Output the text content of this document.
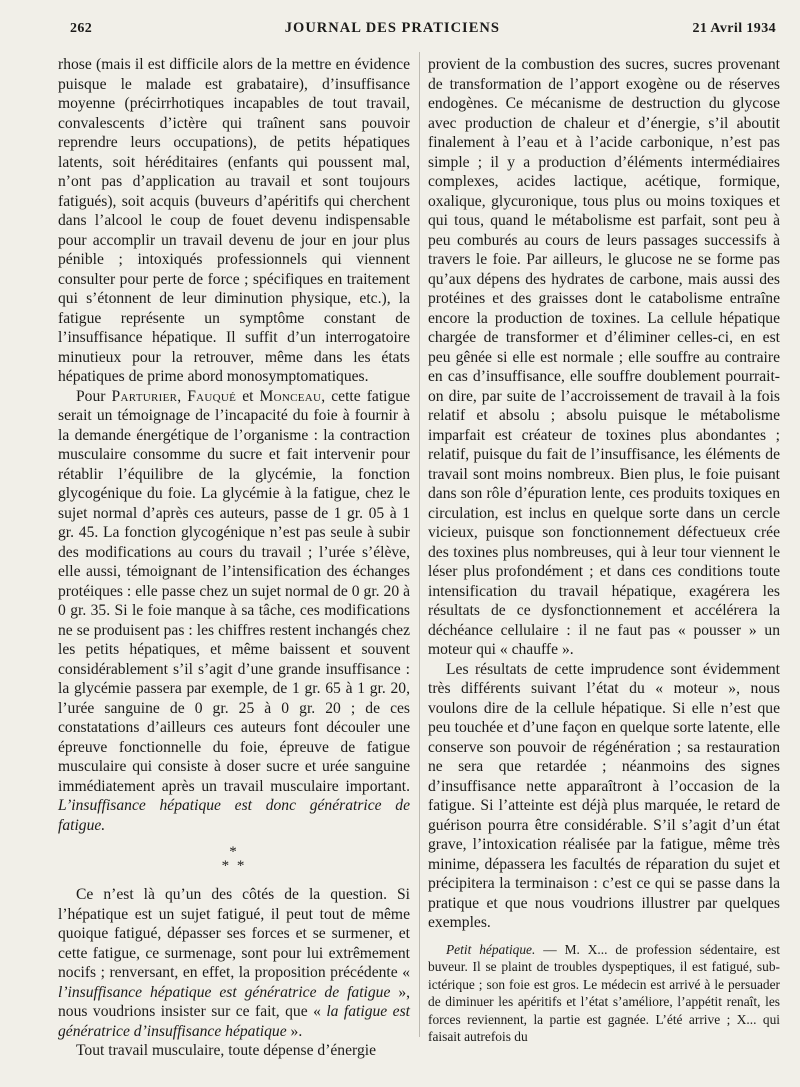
262	JOURNAL DES PRATICIENS	21 Avril 1934

rhose (mais il est difficile alors de la mettre en évidence puisque le malade est grabataire), d’insuffisance moyenne (précirrhotiques incapables de tout travail, convalescents d’ictère qui traînent sans pouvoir reprendre leurs occupations), de petits hépatiques latents, soit héréditaires (enfants qui poussent mal, n’ont pas d’application au travail et sont toujours fatigués), soit acquis (buveurs d’apéritifs qui cherchent dans l’alcool le coup de fouet devenu indispensable pour accomplir un travail devenu de jour en jour plus pénible ; intoxiqués professionnels qui viennent consulter pour perte de force ; spécifiques en traitement qui s’étonnent de leur diminution physique, etc.), la fatigue représente un symptôme constant de l’insuffisance hépatique. Il suffit d’un interrogatoire minutieux pour la retrouver, même dans les états hépatiques de prime abord monosymptomatiques.

Pour Parturier, Fauqué et Monceau, cette fatigue serait un témoignage de l’incapacité du foie à fournir à la demande énergétique de l’organisme : la contraction musculaire consomme du sucre et fait intervenir pour rétablir l’équilibre de la glycémie, la fonction glycogénique du foie. La glycémie à la fatigue, chez le sujet normal d’après ces auteurs, passe de 1 gr. 05 à 1 gr. 45. La fonction glycogénique n’est pas seule à subir des modifications au cours du travail ; l’urée s’élève, elle aussi, témoignant de l’intensification des échanges protéiques : elle passe chez un sujet normal de 0 gr. 20 à 0 gr. 35. Si le foie manque à sa tâche, ces modifications ne se produisent pas : les chiffres restent inchangés chez les petits hépatiques, et même baissent et souvent considérablement s’il s’agit d’une grande insuffisance : la glycémie passera par exemple, de 1 gr. 65 à 1 gr. 20, l’urée sanguine de 0 gr. 25 à 0 gr. 20 ; de ces constatations d’ailleurs ces auteurs font découler une épreuve fonctionnelle du foie, épreuve de fatigue musculaire qui consiste à doser sucre et urée sanguine immédiatement après un travail musculaire important. L’insuffisance hépatique est donc génératrice de fatigue.

*
* *

Ce n’est là qu’un des côtés de la question. Si l’hépatique est un sujet fatigué, il peut tout de même quoique fatigué, dépasser ses forces et se surmener, et cette fatigue, ce surmenage, sont pour lui extrêmement nocifs ; renversant, en effet, la proposition précédente « l’insuffisance hépatique est génératrice de fatigue », nous voudrions insister sur ce fait, que « la fatigue est génératrice d’insuffisance hépatique ».

Tout travail musculaire, toute dépense d’énergie

provient de la combustion des sucres, sucres provenant de transformation de l’apport exogène ou de réserves endogènes. Ce mécanisme de destruction du glycose avec production de chaleur et d’énergie, s’il aboutit finalement à l’eau et à l’acide carbonique, n’est pas simple ; il y a production d’éléments intermédiaires complexes, acides lactique, acétique, formique, oxalique, glycuronique, tous plus ou moins toxiques et qui tous, quand le métabolisme est parfait, sont peu à peu comburés au cours de leurs passages successifs à travers le foie. Par ailleurs, le glucose ne se forme pas qu’aux dépens des hydrates de carbone, mais aussi des protéines et des graisses dont le catabolisme entraîne encore la production de toxines. La cellule hépatique chargée de transformer et d’éliminer celles-ci, en est peu gênée si elle est normale ; elle souffre au contraire en cas d’insuffisance, elle souffre doublement pourrait-on dire, par suite de l’accroissement de travail à la fois relatif et absolu ; absolu puisque le métabolisme imparfait est créateur de toxines plus abondantes ; relatif, puisque du fait de l’insuffisance, les éléments de travail sont moins nombreux. Bien plus, le foie puisant dans son rôle d’épuration lente, ces produits toxiques en circulation, est inclus en quelque sorte dans un cercle vicieux, puisque son fonctionnement défectueux crée des toxines plus nombreuses, qui à leur tour viennent le léser plus profondément ; et dans ces conditions toute intensification du travail hépatique, exagérera les résultats de ce dysfonctionnement et accélérera la déchéance cellulaire : il ne faut pas « pousser » un moteur qui « chauffe ».

Les résultats de cette imprudence sont évidemment très différents suivant l’état du « moteur », nous voulons dire de la cellule hépatique. Si elle n’est que peu touchée et d’une façon en quelque sorte latente, elle conserve son pouvoir de régénération ; sa restauration ne sera que retardée ; néanmoins des signes d’insuffisance nette apparaîtront à l’occasion de la fatigue. Si l’atteinte est déjà plus marquée, le retard de guérison pourra être considérable. S’il s’agit d’un état grave, l’intoxication réalisée par la fatigue, même très minime, dépassera les facultés de réparation du sujet et précipitera la terminaison : c’est ce qui se passe dans la pratique et que nous voudrions illustrer par quelques exemples.

Petit hépatique. — M. X... de profession sédentaire, est buveur. Il se plaint de troubles dyspeptiques, il est fatigué, sub-ictérique ; son foie est gros. Le médecin est arrivé à le persuader de diminuer les apéritifs et l’état s’améliore, l’appétit renaît, les forces reviennent, la partie est gagnée. L’été arrive ; X... qui faisait autrefois du
